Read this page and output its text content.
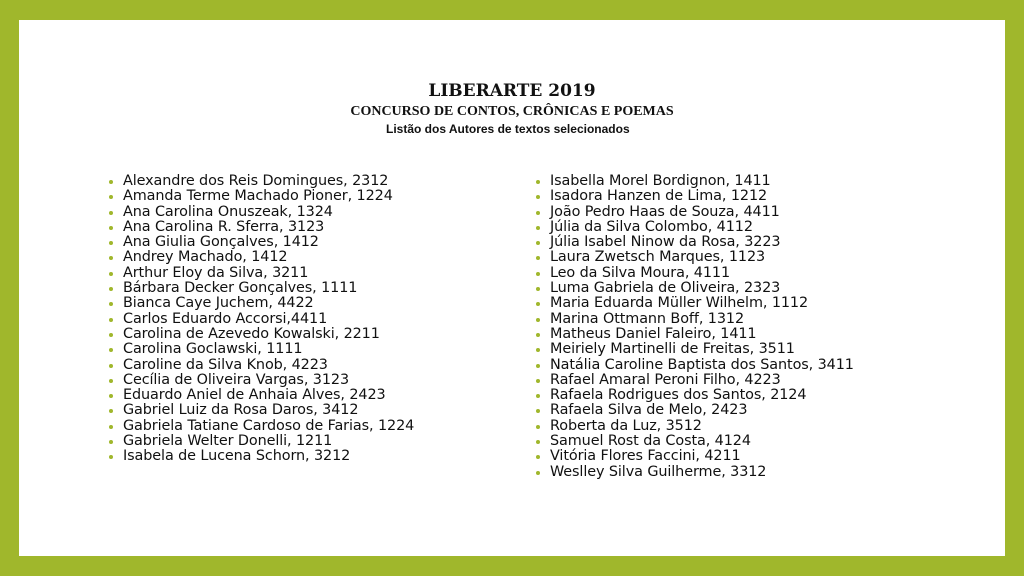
LIBERARTE 2019
CONCURSO DE CONTOS, CRÔNICAS E POEMAS

Listão dos Autores de textos selecionados

Alexandre dos Reis Domingues, 2312
Amanda Terme Machado Pioner, 1224
Ana Carolina Onuszeak, 1324
Ana Carolina R. Sferra, 3123
Ana Giulia Gonçalves, 1412
Andrey Machado, 1412
Arthur Eloy da Silva, 3211
Bárbara Decker Gonçalves, 1111
Bianca Caye Juchem, 4422
Carlos Eduardo Accorsi,4411
Carolina de Azevedo Kowalski, 2211
Carolina Goclawski, 1111
Caroline da Silva Knob, 4223
Cecília de Oliveira Vargas, 3123
Eduardo Aniel de Anhaia Alves, 2423
Gabriel Luiz da Rosa Daros, 3412
Gabriela Tatiane Cardoso de Farias, 1224
Gabriela Welter Donelli, 1211
Isabela de Lucena Schorn, 3212
Isabella Morel Bordignon, 1411
Isadora Hanzen de Lima, 1212
João Pedro Haas de Souza, 4411
Júlia da Silva Colombo, 4112
Júlia Isabel Ninow da Rosa, 3223
Laura Zwetsch Marques, 1123
Leo da Silva Moura, 4111
Luma Gabriela de Oliveira, 2323
Maria Eduarda Müller Wilhelm, 1112
Marina Ottmann Boff, 1312
Matheus Daniel Faleiro, 1411
Meiriely Martinelli de Freitas, 3511
Natália Caroline Baptista dos Santos, 3411
Rafael Amaral Peroni Filho, 4223
Rafaela Rodrigues dos Santos, 2124
Rafaela Silva de Melo, 2423
Roberta da Luz, 3512
Samuel Rost da Costa, 4124
Vitória Flores Faccini, 4211
Weslley Silva Guilherme, 3312
